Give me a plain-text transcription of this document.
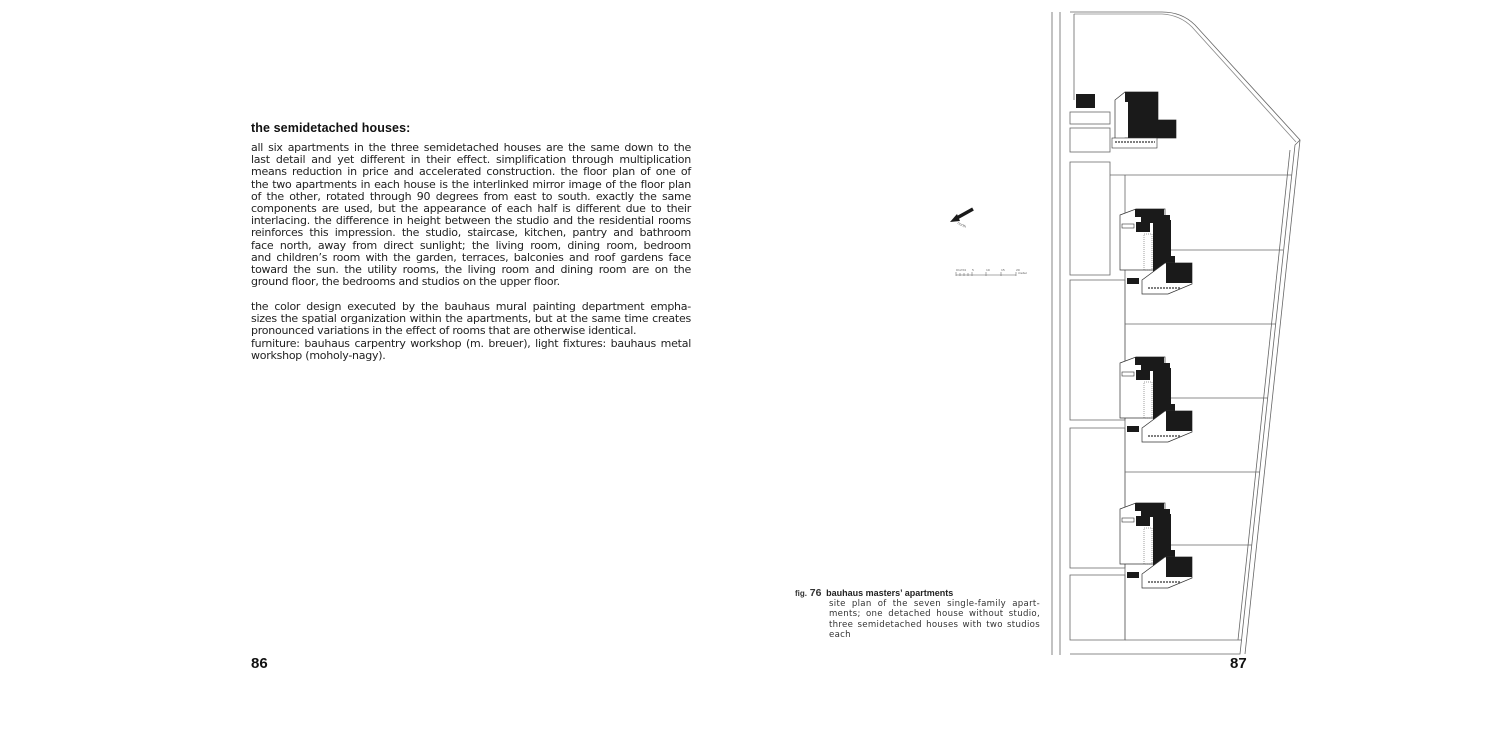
the semidetached houses:
all six apartments in the three semidetached houses are the same down to the
last detail and yet different in their effect. simplification through multiplication
means reduction in price and accelerated construction. the floor plan of one of
the two apartments in each house is the interlinked mirror image of the floor plan
of the other, rotated through 90 degrees from east to south. exactly the same
components are used, but the appearance of each half is different due to their
interlacing. the difference in height between the studio and the residential rooms
reinforces this impression. the studio, staircase, kitchen, pantry and bathroom
face north, away from direct sunlight; the living room, dining room, bedroom
and children’s room with the garden, terraces, balconies and roof gardens face
toward the sun. the utility rooms, the living room and dining room are on the
ground floor, the bedrooms and studios on the upper floor.
the color design executed by the bauhaus mural painting department empha-
sizes the spatial organization within the apartments, but at the same time creates
pronounced variations in the effect of rooms that are otherwise identical.
furniture: bauhaus carpentry workshop (m. breuer), light fixtures: bauhaus metal
workshop (moholy-nagy).
86
0 1 2 3 4 5	10	15	20
north
meter
fig. 76 bauhaus masters’ apartments
site plan of the seven single-family apart-ments; one detached house without studio, three semidetached houses with two studios each
87
